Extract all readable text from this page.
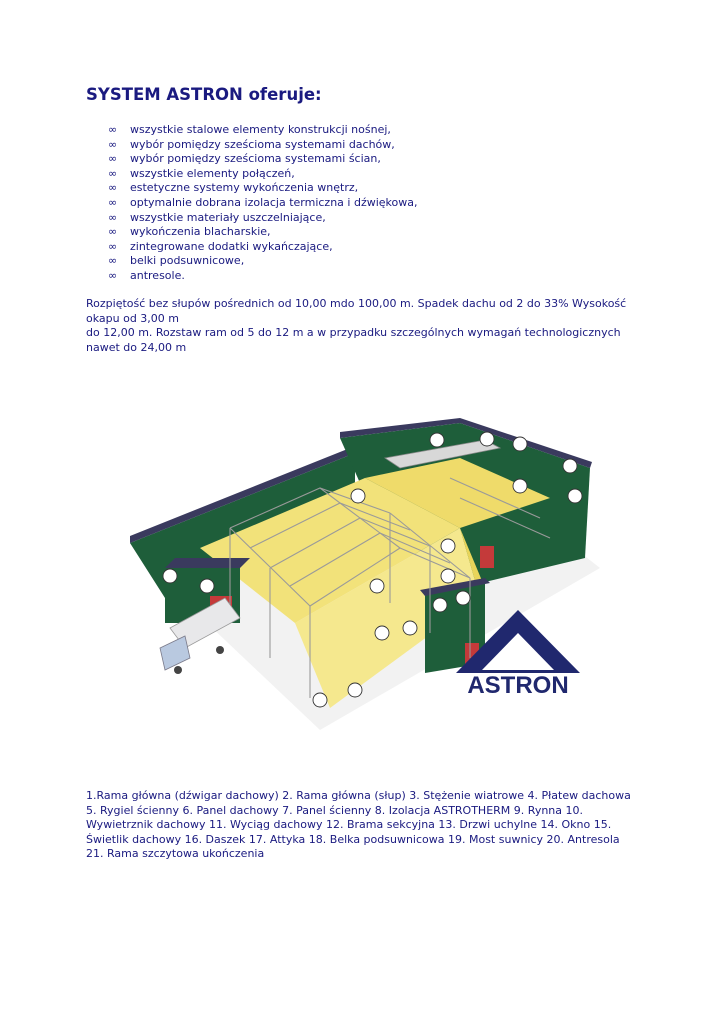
SYSTEM ASTRON oferuje:
∞ wszystkie stalowe elementy konstrukcji nośnej,
∞ wybór pomiędzy sześcioma systemami dachów,
∞ wybór pomiędzy sześcioma systemami ścian,
∞ wszystkie elementy połączeń,
∞ estetyczne systemy wykończenia wnętrz,
∞ optymalnie dobrana izolacja termiczna i dźwiękowa,
∞ wszystkie materiały uszczelniające,
∞ wykończenia blacharskie,
∞ zintegrowane dodatki wykańczające,
∞ belki podsuwnicowe,
∞ antresole.

Rozpiętość bez słupów pośrednich od 10,00 mdo 100,00 m. Spadek dachu od 2 do 33% Wysokość

okapu od 3,00 m

do 12,00 m. Rozstaw ram od 5 do 12 m a w przypadku szczególnych wymagań technologicznych

nawet do 24,00 m

ASTRON
1.Rama główna (dźwigar dachowy) 2. Rama główna (słup) 3. Stężenie wiatrowe 4. Płatew dachowa
5. Rygiel ścienny 6. Panel dachowy 7. Panel ścienny 8. Izolacja ASTROTHERM 9. Rynna 10.
Wywietrznik dachowy 11. Wyciąg dachowy 12. Brama sekcyjna 13. Drzwi uchylne 14. Okno 15.
Świetlik dachowy 16. Daszek 17. Attyka 18. Belka podsuwnicowa 19. Most suwnicy 20. Antresola
21. Rama szczytowa ukończenia
